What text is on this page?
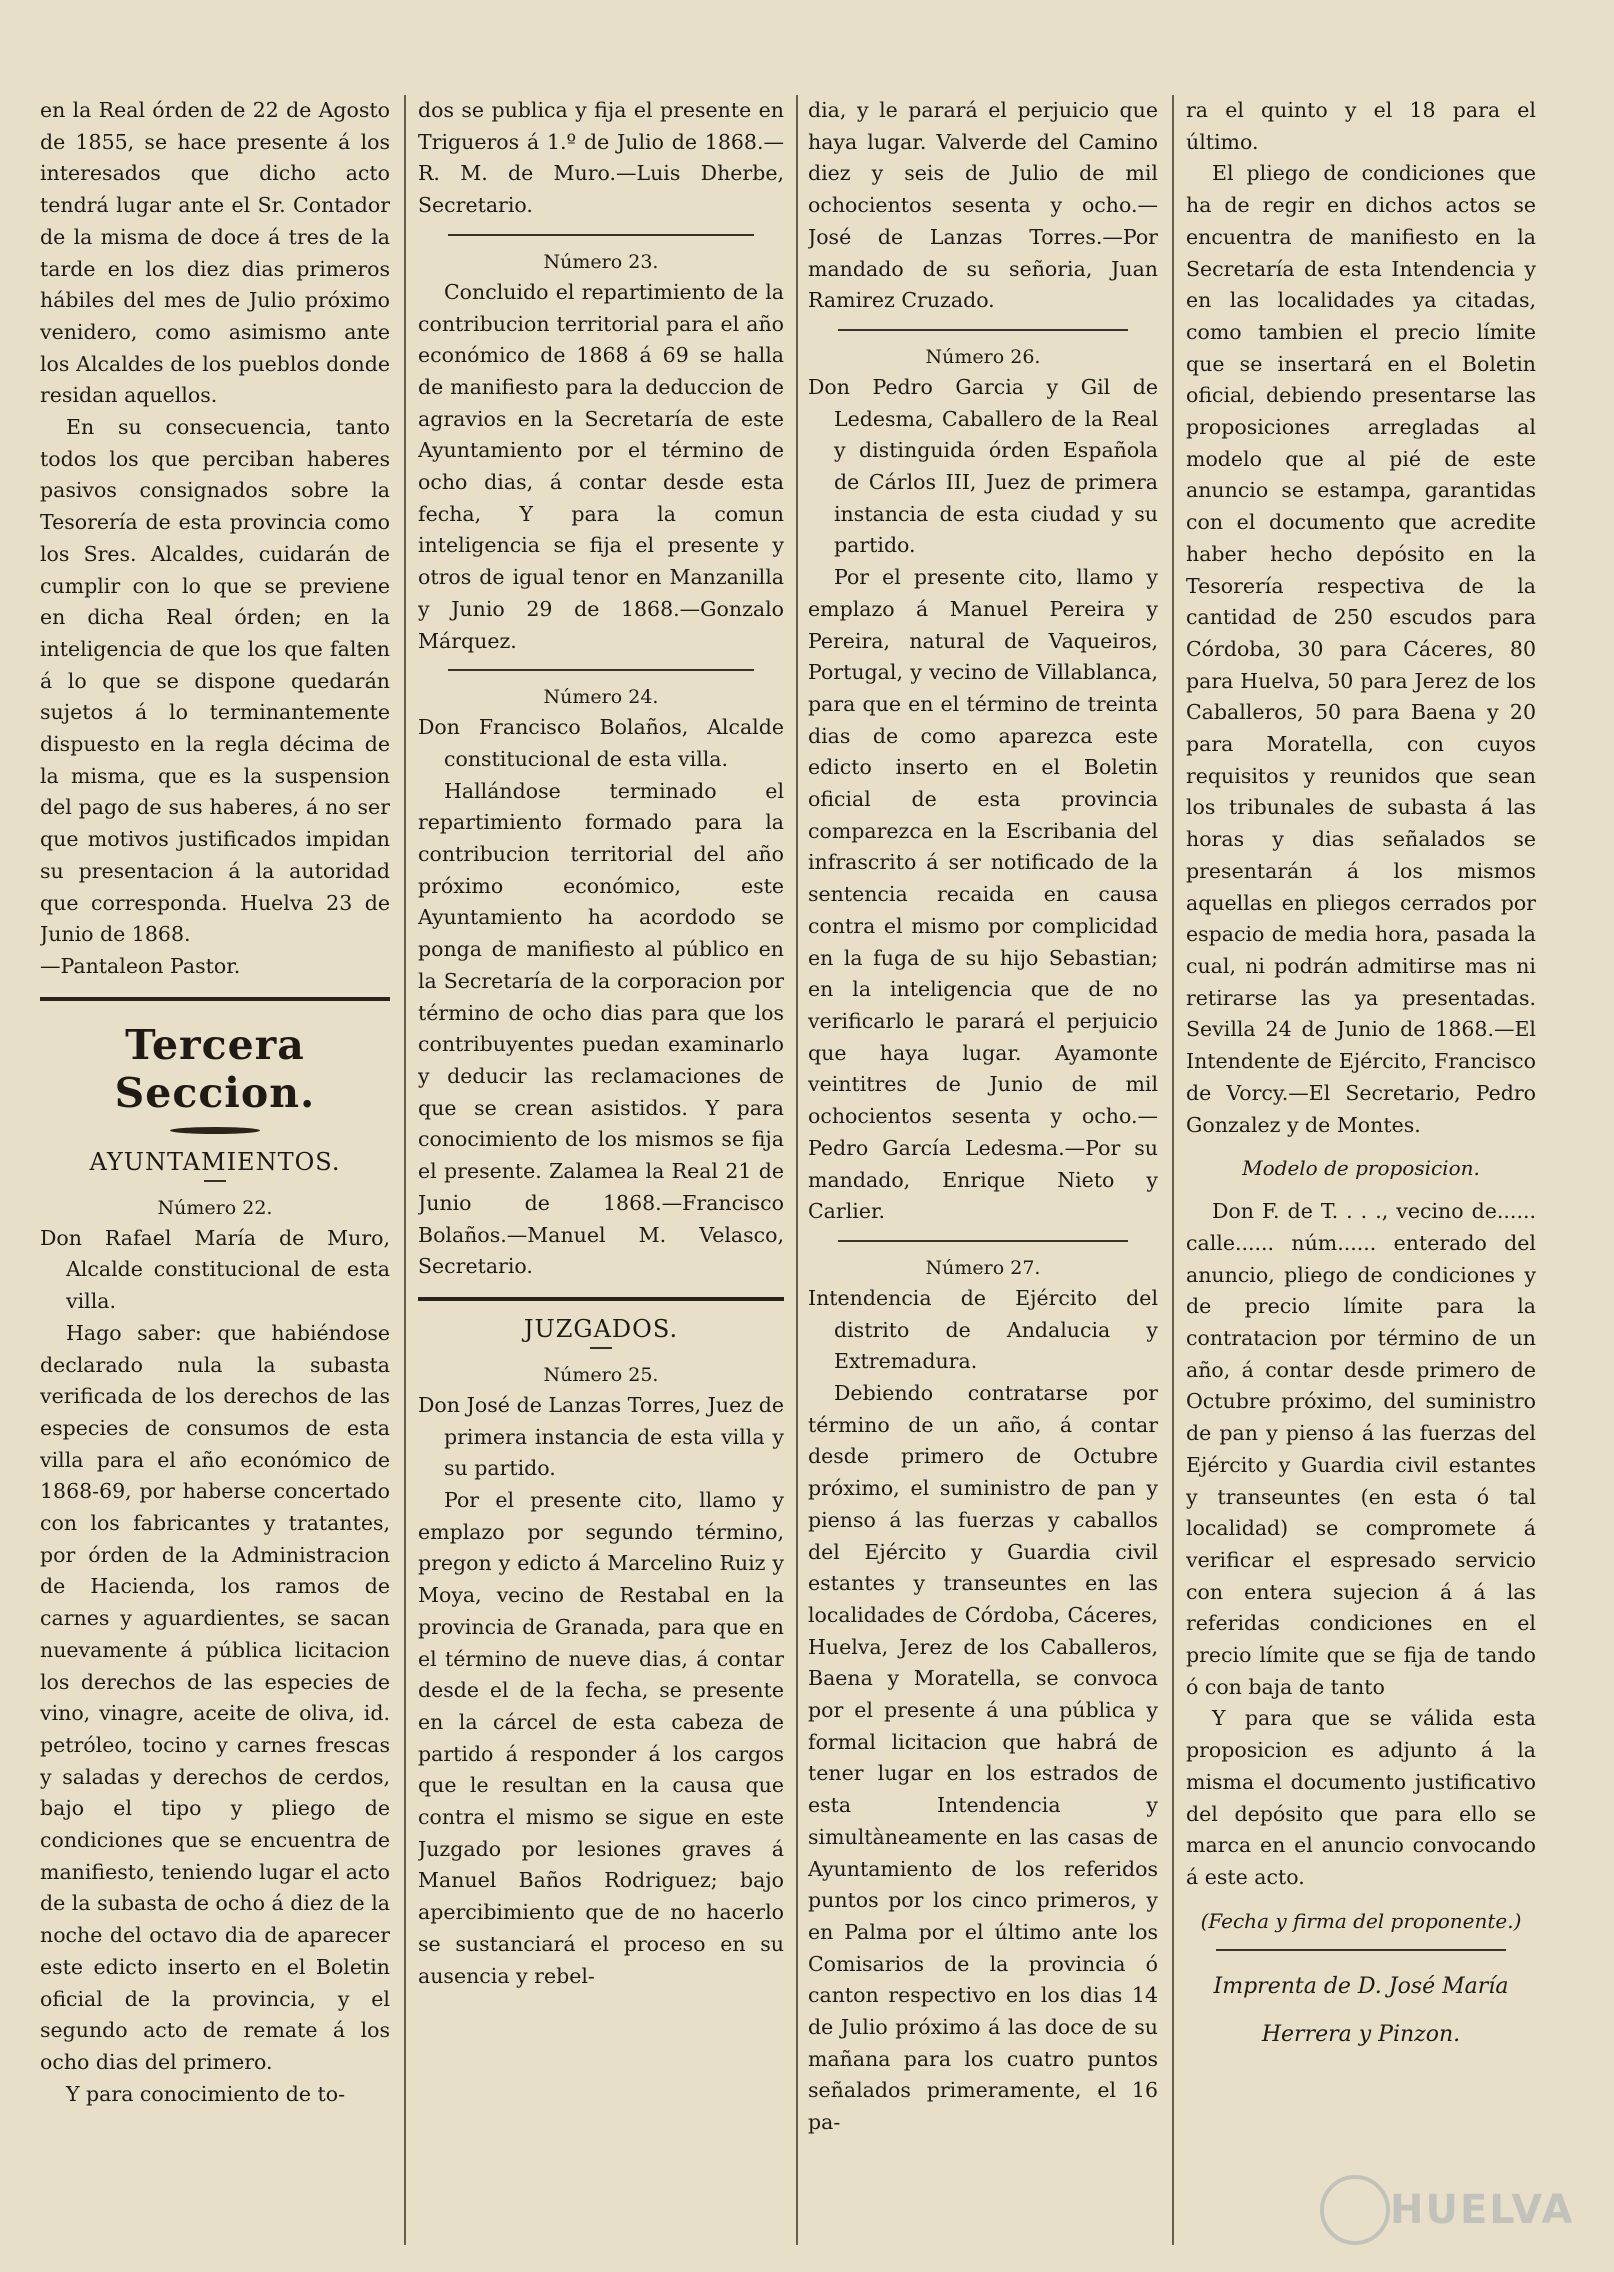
en la Real órden de 22 de Agosto de 1855, se hace presente á los interesados que dicho acto tendrá lugar ante el Sr. Contador de la misma de doce á tres de la tarde en los diez dias primeros hábiles del mes de Julio próximo venidero, como asimismo ante los Alcaldes de los pueblos donde residan aquellos.

En su consecuencia, tanto todos los que perciban haberes pasivos consignados sobre la Tesorería de esta provincia como los Sres. Alcaldes, cuidarán de cumplir con lo que se previene en dicha Real órden; en la inteligencia de que los que falten á lo que se dispone quedarán sujetos á lo terminantemente dispuesto en la regla décima de la misma, que es la suspension del pago de sus haberes, á no ser que motivos justificados impidan su presentacion á la autoridad que corresponda. Huelva 23 de Junio de 1868.

—Pantaleon Pastor.

Tercera Seccion.
AYUNTAMIENTOS.
Número 22.

Don Rafael María de Muro, Alcalde constitucional de esta villa.

Hago saber: que habiéndose declarado nula la subasta verificada de los derechos de las especies de consumos de esta villa para el año económico de 1868-69, por haberse concertado con los fabricantes y tratantes, por órden de la Administracion de Hacienda, los ramos de carnes y aguardientes, se sacan nuevamente á pública licitacion los derechos de las especies de vino, vinagre, aceite de oliva, id. petróleo, tocino y carnes frescas y saladas y derechos de cerdos, bajo el tipo y pliego de condiciones que se encuentra de manifiesto, teniendo lugar el acto de la subasta de ocho á diez de la noche del octavo dia de aparecer este edicto inserto en el Boletin oficial de la provincia, y el segundo acto de remate á los ocho dias del primero.

Y para conocimiento de to-

dos se publica y fija el presente en Trigueros á 1.º de Julio de 1868.—R. M. de Muro.—Luis Dherbe, Secretario.

Número 23.

Concluido el repartimiento de la contribucion territorial para el año económico de 1868 á 69 se halla de manifiesto para la deduccion de agravios en la Secretaría de este Ayuntamiento por el término de ocho dias, á contar desde esta fecha, Y para la comun inteligencia se fija el presente y otros de igual tenor en Manzanilla y Junio 29 de 1868.—Gonzalo Márquez.

Número 24.

Don Francisco Bolaños, Alcalde constitucional de esta villa.

Hallándose terminado el repartimiento formado para la contribucion territorial del año próximo económico, este Ayuntamiento ha acordodo se ponga de manifiesto al público en la Secretaría de la corporacion por término de ocho dias para que los contribuyentes puedan examinarlo y deducir las reclamaciones de que se crean asistidos. Y para conocimiento de los mismos se fija el presente. Zalamea la Real 21 de Junio de 1868.—Francisco Bolaños.—Manuel M. Velasco, Secretario.

JUZGADOS.
Número 25.

Don José de Lanzas Torres, Juez de primera instancia de esta villa y su partido.

Por el presente cito, llamo y emplazo por segundo término, pregon y edicto á Marcelino Ruiz y Moya, vecino de Restabal en la provincia de Granada, para que en el término de nueve dias, á contar desde el de la fecha, se presente en la cárcel de esta cabeza de partido á responder á los cargos que le resultan en la causa que contra el mismo se sigue en este Juzgado por lesiones graves á Manuel Baños Rodriguez; bajo apercibimiento que de no hacerlo se sustanciará el proceso en su ausencia y rebel-

dia, y le parará el perjuicio que haya lugar. Valverde del Camino diez y seis de Julio de mil ochocientos sesenta y ocho.—José de Lanzas Torres.—Por mandado de su señoria, Juan Ramirez Cruzado.

Número 26.

Don Pedro Garcia y Gil de Ledesma, Caballero de la Real y distinguida órden Española de Cárlos III, Juez de primera instancia de esta ciudad y su partido.

Por el presente cito, llamo y emplazo á Manuel Pereira y Pereira, natural de Vaqueiros, Portugal, y vecino de Villablanca, para que en el término de treinta dias de como aparezca este edicto inserto en el Boletin oficial de esta provincia comparezca en la Escribania del infrascrito á ser notificado de la sentencia recaida en causa contra el mismo por complicidad en la fuga de su hijo Sebastian; en la inteligencia que de no verificarlo le parará el perjuicio que haya lugar. Ayamonte veintitres de Junio de mil ochocientos sesenta y ocho.—Pedro García Ledesma.—Por su mandado, Enrique Nieto y Carlier.

Número 27.

Intendencia de Ejército del distrito de Andalucia y Extremadura.

Debiendo contratarse por término de un año, á contar desde primero de Octubre próximo, el suministro de pan y pienso á las fuerzas y caballos del Ejército y Guardia civil estantes y transeuntes en las localidades de Córdoba, Cáceres, Huelva, Jerez de los Caballeros, Baena y Moratella, se convoca por el presente á una pública y formal licitacion que habrá de tener lugar en los estrados de esta Intendencia y simultàneamente en las casas de Ayuntamiento de los referidos puntos por los cinco primeros, y en Palma por el último ante los Comisarios de la provincia ó canton respectivo en los dias 14 de Julio próximo á las doce de su mañana para los cuatro puntos señalados primeramente, el 16 pa-

ra el quinto y el 18 para el último.

El pliego de condiciones que ha de regir en dichos actos se encuentra de manifiesto en la Secretaría de esta Intendencia y en las localidades ya citadas, como tambien el precio límite que se insertará en el Boletin oficial, debiendo presentarse las proposiciones arregladas al modelo que al pié de este anuncio se estampa, garantidas con el documento que acredite haber hecho depósito en la Tesorería respectiva de la cantidad de 250 escudos para Córdoba, 30 para Cáceres, 80 para Huelva, 50 para Jerez de los Caballeros, 50 para Baena y 20 para Moratella, con cuyos requisitos y reunidos que sean los tribunales de subasta á las horas y dias señalados se presentarán á los mismos aquellas en pliegos cerrados por espacio de media hora, pasada la cual, ni podrán admitirse mas ni retirarse las ya presentadas. Sevilla 24 de Junio de 1868.—El Intendente de Ejército, Francisco de Vorcy.—El Secretario, Pedro Gonzalez y de Montes.

Modelo de proposicion.

Don F. de T. . . ., vecino de...... calle...... núm...... enterado del anuncio, pliego de condiciones y de precio límite para la contratacion por término de un año, á contar desde primero de Octubre próximo, del suministro de pan y pienso á las fuerzas del Ejército y Guardia civil estantes y transeuntes (en esta ó tal localidad) se compromete á verificar el espresado servicio con entera sujecion á á las referidas condiciones en el precio límite que se fija de tando ó con baja de tanto

Y para que se válida esta proposicion es adjunto á la misma el documento justificativo del depósito que para ello se marca en el anuncio convocando á este acto.

(Fecha y firma del proponente.)

Imprenta de D. José María

Herrera y Pinzon.

HUELVA
